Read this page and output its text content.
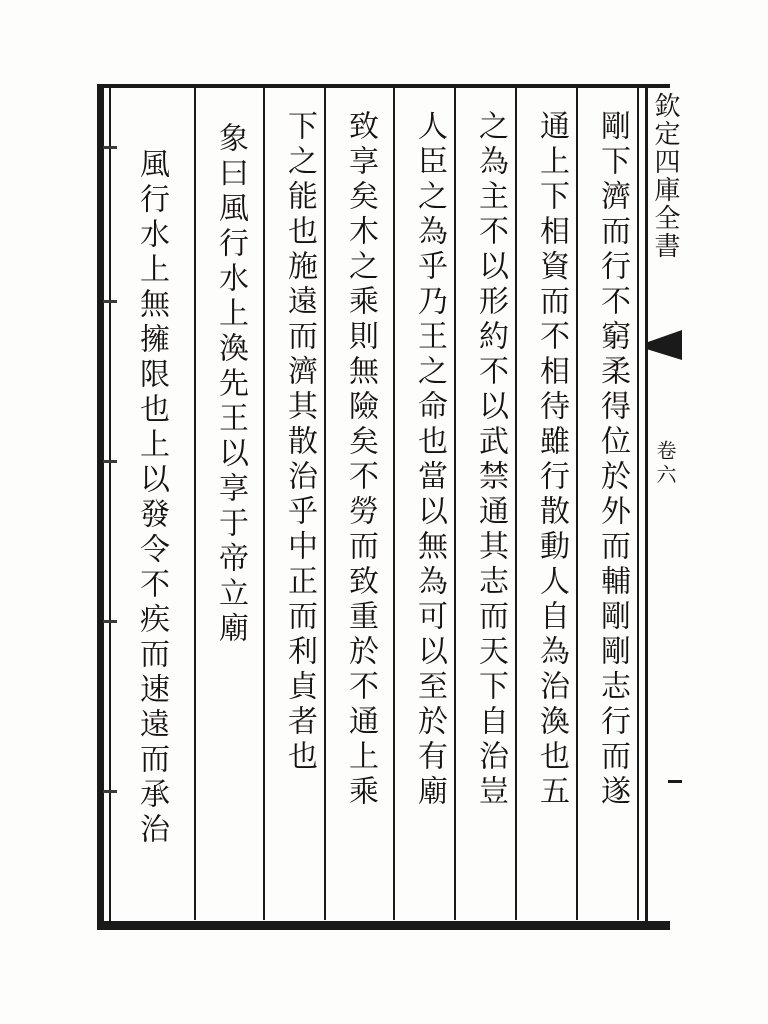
欽定四庫全書
卷六
剛下濟而行不窮柔得位於外而輔剛剛志行而遂
通上下相資而不相待雖行散動人自為治渙也五
之為主不以形約不以武禁通其志而天下自治豈
人臣之為乎乃王之命也當以無為可以至於有廟
致享矣木之乘則無險矣不勞而致重於不通上乘
下之能也施遠而濟其散治乎中正而利貞者也
象曰風行水上渙先王以享于帝立廟
風行水上無擁限也上以發令不疾而速遠而承治
